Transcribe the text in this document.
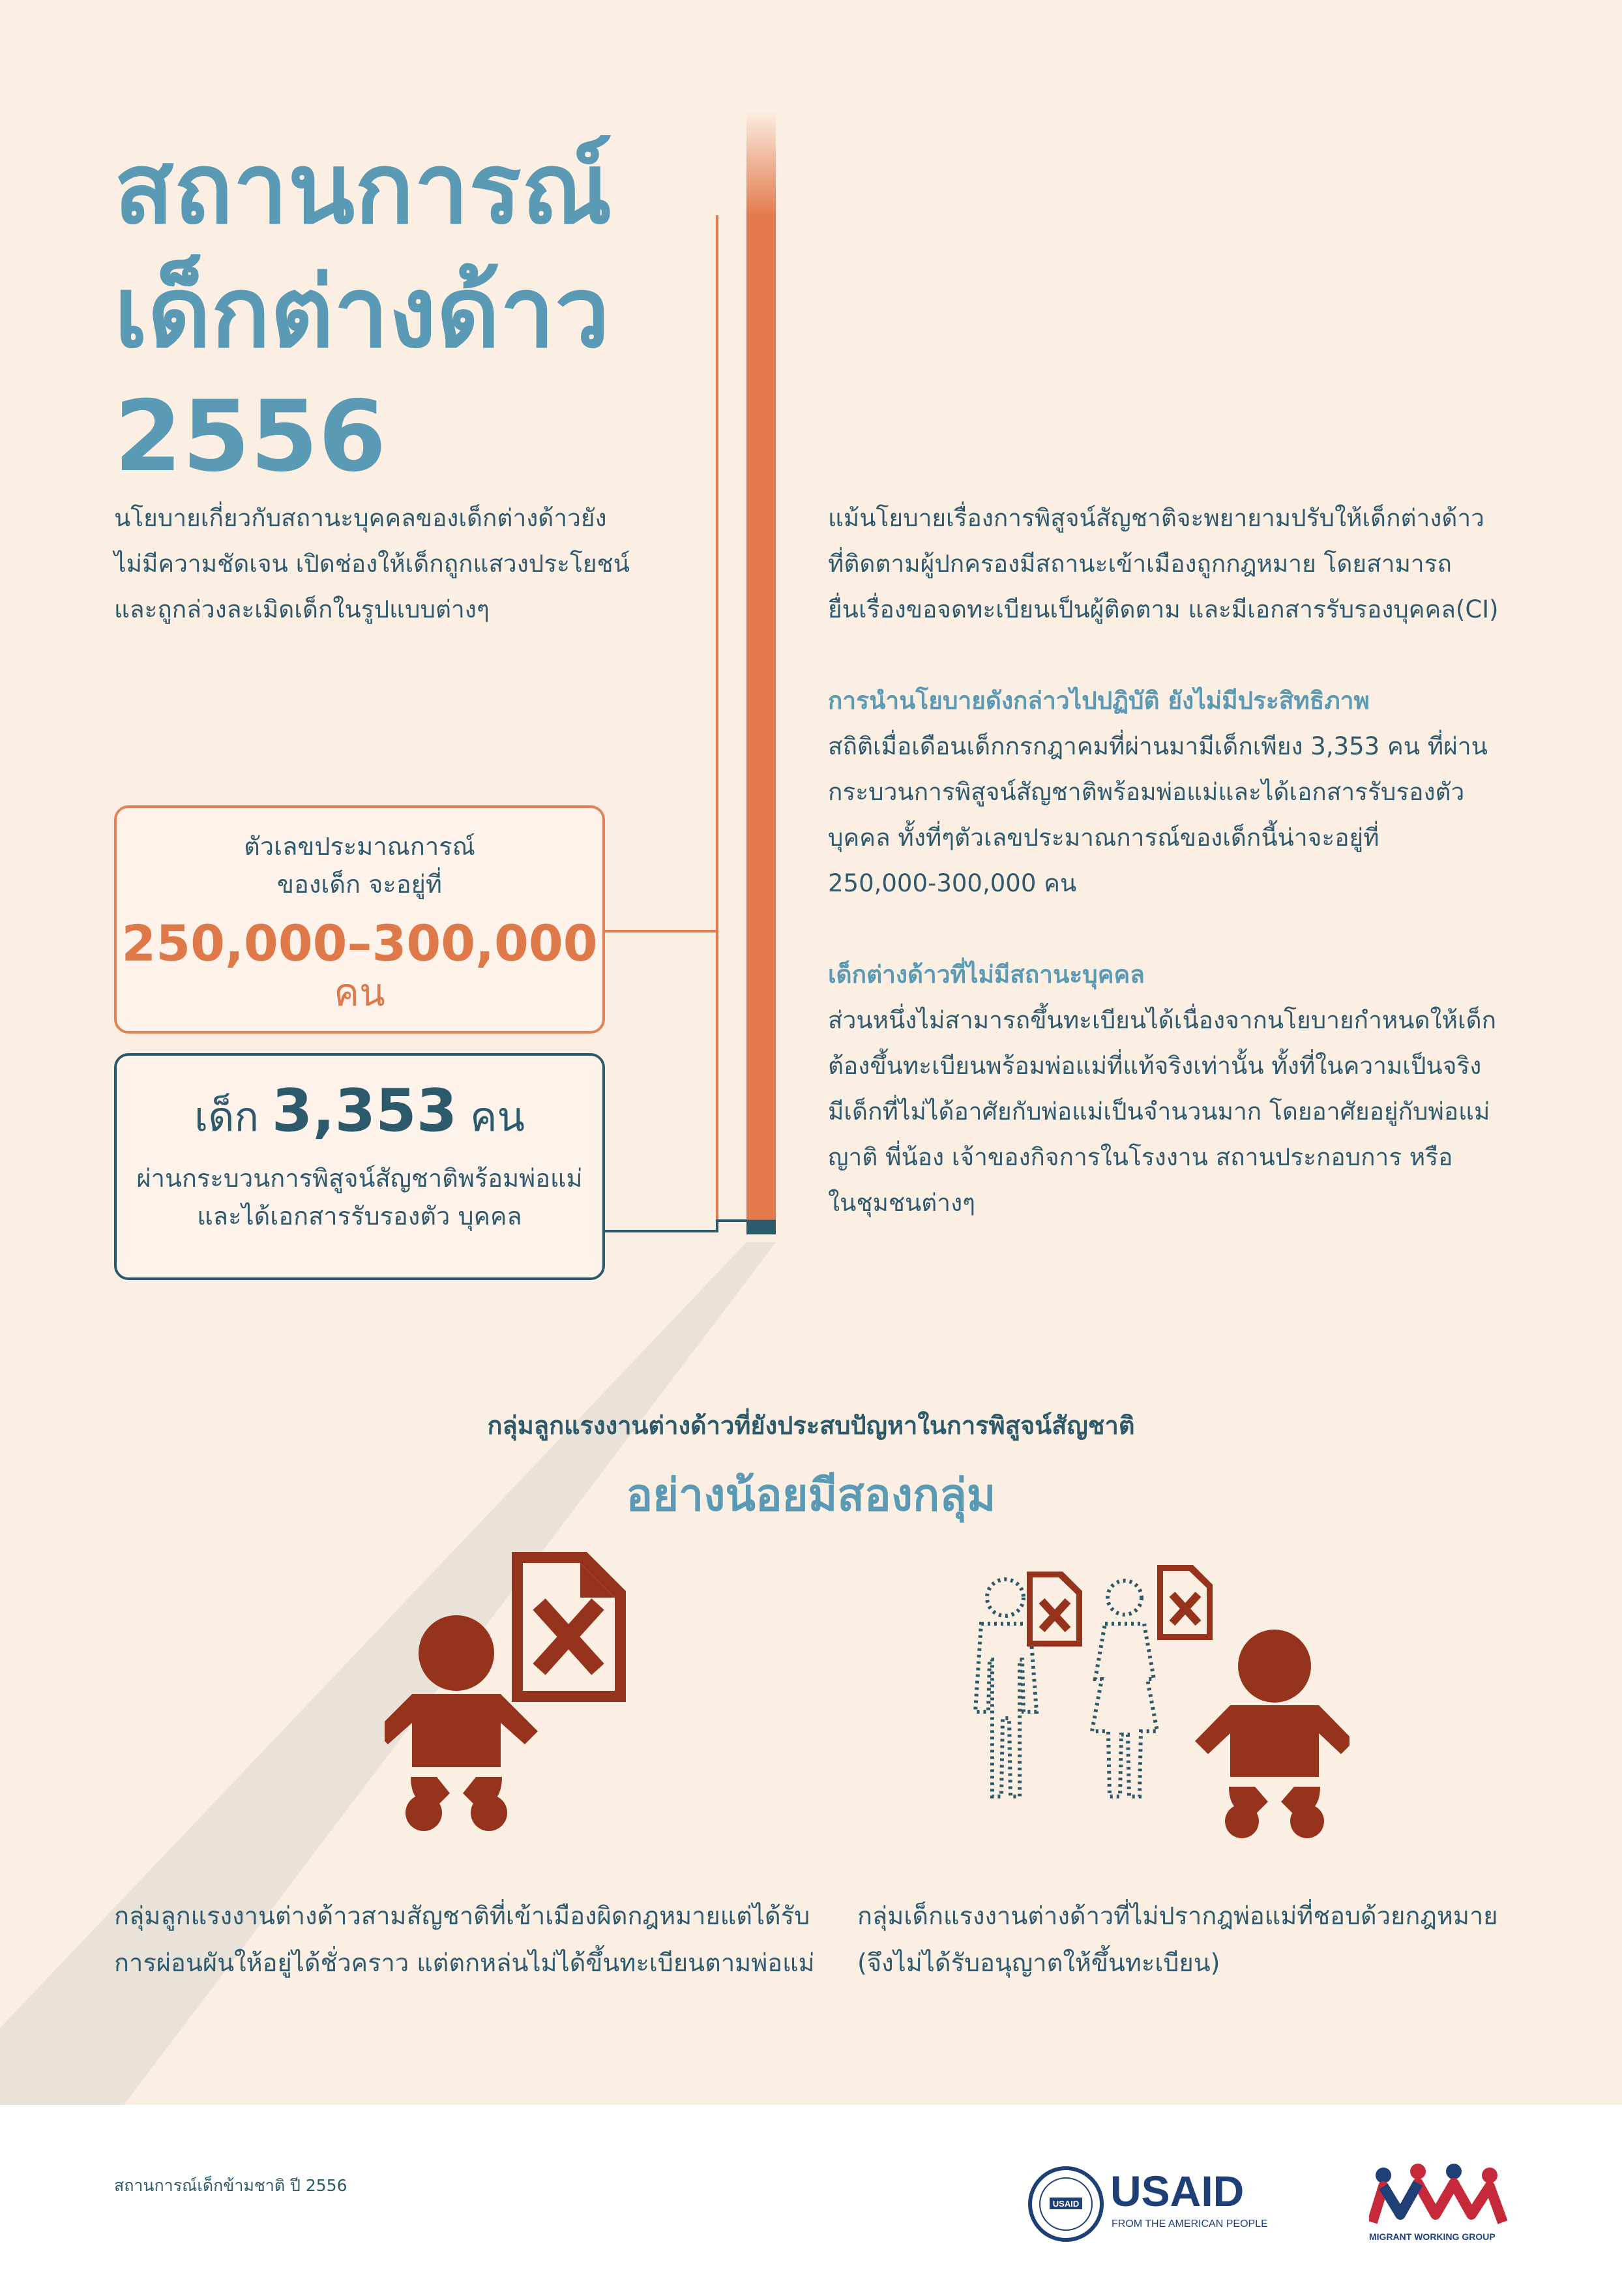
สถานการณ์
เด็กต่างด้าว
2556
นโยบายเกี่ยวกับสถานะบุคคลของเด็กต่างด้าวยัง
ไม่มีความชัดเจน เปิดช่องให้เด็กถูกแสวงประโยชน์
และถูกล่วงละเมิดเด็กในรูปแบบต่างๆ
ตัวเลขประมาณการณ์
ของเด็ก จะอยู่ที่
250,000–300,000
คน
เด็ก 3,353 คน
ผ่านกระบวนการพิสูจน์สัญชาติพร้อมพ่อแม่
และได้เอกสารรับรองตัว บุคคล
แม้นโยบายเรื่องการพิสูจน์สัญชาติจะพยายามปรับให้เด็กต่างด้าว
ที่ติดตามผู้ปกครองมีสถานะเข้าเมืองถูกกฎหมาย โดยสามารถ
ยื่นเรื่องขอจดทะเบียนเป็นผู้ติดตาม และมีเอกสารรับรองบุคคล(CI)
การนำนโยบายดังกล่าวไปปฏิบัติ ยังไม่มีประสิทธิภาพ
สถิติเมื่อเดือนเด็กกรกฎาคมที่ผ่านมามีเด็กเพียง 3,353 คน ที่ผ่าน
กระบวนการพิสูจน์สัญชาติพร้อมพ่อแม่และได้เอกสารรับรองตัว
บุคคล ทั้งที่ๆตัวเลขประมาณการณ์ของเด็กนี้น่าจะอยู่ที่
250,000-300,000 คน
เด็กต่างด้าวที่ไม่มีสถานะบุคคล
ส่วนหนึ่งไม่สามารถขึ้นทะเบียนได้เนื่องจากนโยบายกำหนดให้เด็ก
ต้องขึ้นทะเบียนพร้อมพ่อแม่ที่แท้จริงเท่านั้น ทั้งที่ในความเป็นจริง
มีเด็กที่ไม่ได้อาศัยกับพ่อแม่เป็นจำนวนมาก โดยอาศัยอยู่กับพ่อแม่
ญาติ พี่น้อง เจ้าของกิจการในโรงงาน สถานประกอบการ หรือ
ในชุมชนต่างๆ
กลุ่มลูกแรงงานต่างด้าวที่ยังประสบปัญหาในการพิสูจน์สัญชาติ
อย่างน้อยมีสองกลุ่ม
กลุ่มลูกแรงงานต่างด้าวสามสัญชาติที่เข้าเมืองผิดกฎหมายแต่ได้รับ
การผ่อนผันให้อยู่ได้ชั่วคราว แต่ตกหล่นไม่ได้ขึ้นทะเบียนตามพ่อแม่
กลุ่มเด็กแรงงานต่างด้าวที่ไม่ปรากฎพ่อแม่ที่ชอบด้วยกฎหมาย
(จึงไม่ได้รับอนุญาตให้ขึ้นทะเบียน)
สถานการณ์เด็กข้ามชาติ ปี 2556
USAID USAID
FROM THE AMERICAN PEOPLE
MIGRANT WORKING GROUP
